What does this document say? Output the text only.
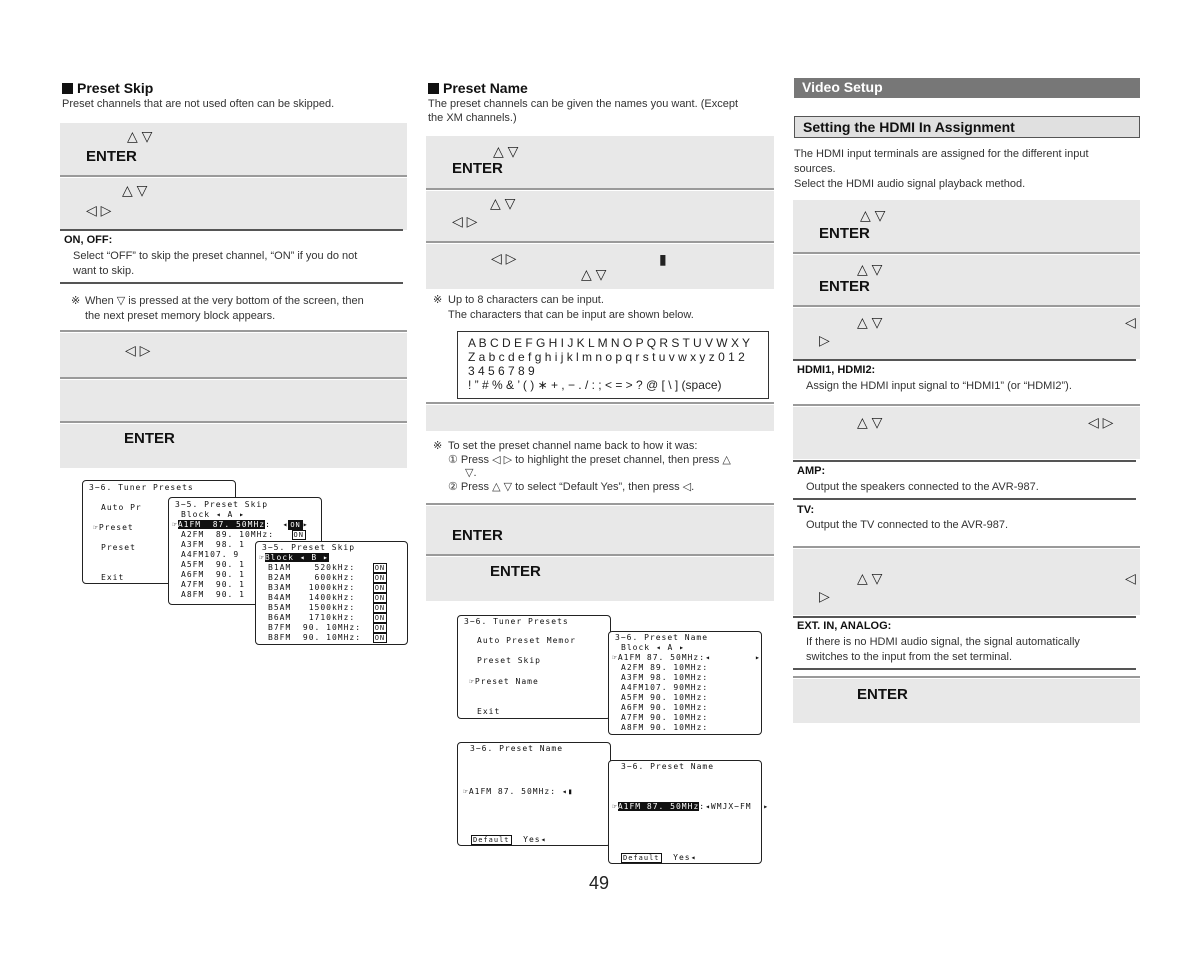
Preset Skip
Preset channels that are not used often can be skipped.
△ ▽
ENTER
△ ▽
◁ ▷
ON, OFF:
Select “OFF” to skip the preset channel, “ON” if you do not
want to skip.
※ When ▽ is pressed at the very bottom of the screen, then
the next preset memory block appears.
◁ ▷
ENTER
3−6. Tuner Presets
Auto Pr
☞Preset
Preset
Exit
3−5. Preset Skip
Block ◂ A ▸
☞A1FM  87. 50MHz:  ◂ ON ▸
A2FM  89. 10MHz:   ON
A3FM  98. 1
A4FM107. 9
A5FM  90. 1
A6FM  90. 1
A7FM  90. 1
A8FM  90. 1
3−5. Preset Skip
☞Block ◂ B ▸
B1AM    520kHz:	ON
B2AM    600kHz:	ON
B3AM   1000kHz:	ON
B4AM   1400kHz:	ON
B5AM   1500kHz:	ON
B6AM   1710kHz:	ON
B7FM  90. 10MHz: ON
B8FM  90. 10MHz: ON
Preset Name
The preset channels can be given the names you want. (Except
the XM channels.)
△ ▽
ENTER
△ ▽
◁ ▷
◁ ▷	▮
△ ▽
※ Up to 8 characters can be input.
The characters that can be input are shown below.
A B C D E F G H I J K L M N O P Q R S T U V W X Y
Z a b c d e f g h i j k l m n o p q r s t u v w x y z 0 1 2
3 4 5 6 7 8 9
! ” # % & ’ ( ) ∗ + , − . / : ; < = > ? @ [ \ ] (space)
※ To set the preset channel name back to how it was:
① Press ◁ ▷ to highlight the preset channel, then press △
▽.
② Press △ ▽ to select “Default Yes”, then press ◁.
ENTER
ENTER
3−6. Tuner Presets
Auto Preset Memor
Preset Skip
☞Preset Name
Exit
3−6. Preset Name
Block ◂ A ▸
☞A1FM 87. 50MHz:◂
A2FM 89. 10MHz:
A3FM 98. 10MHz:
A4FM107. 90MHz:
A5FM 90. 10MHz:
A6FM 90. 10MHz:
A7FM 90. 10MHz:
A8FM 90. 10MHz:
▸
3−6. Preset Name
☞A1FM 87. 50MHz: ◂▮
Default Yes◂
3−6. Preset Name
☞A1FM 87. 50MHz:◂WMJX−FM  ▸
Default Yes◂
Video Setup
Setting the HDMI In Assignment
The HDMI input terminals are assigned for the different input
sources.
Select the HDMI audio signal playback method.
△ ▽
ENTER
△ ▽
ENTER
△ ▽	◁
▷
HDMI1, HDMI2:
Assign the HDMI input signal to “HDMI1” (or “HDMI2”).
△ ▽	◁ ▷
AMP:
Output the speakers connected to the AVR-987.
TV:
Output the TV connected to the AVR-987.
△ ▽	◁
▷
EXT. IN, ANALOG:
If there is no HDMI audio signal, the signal automatically
switches to the input from the set terminal.
ENTER
49
